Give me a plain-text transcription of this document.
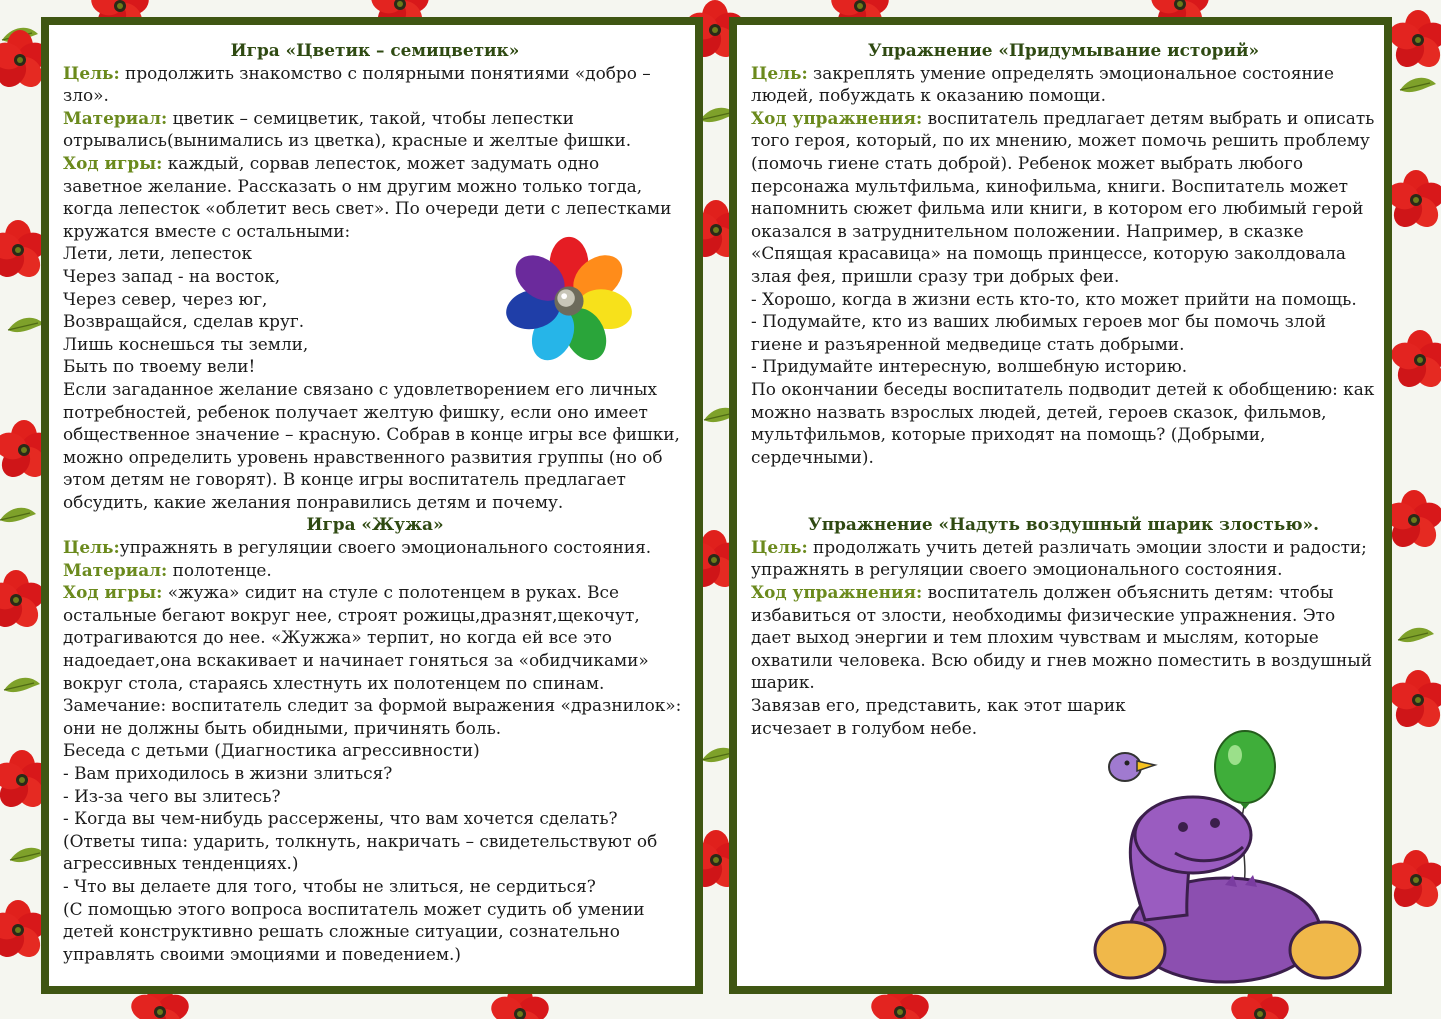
Игра «Цветик – семицветик»

Цель: продолжить знакомство с полярными понятиями «добро – зло».

Материал: цветик – семицветик, такой, чтобы лепестки отрывались(вынимались из цветка), красные и желтые фишки.

Ход игры: каждый, сорвав лепесток, может задумать одно заветное желание. Рассказать о нм другим можно только тогда, когда лепесток «облетит весь свет». По очереди дети с лепестками кружатся вместе с остальными:

Лети, лети, лепесток

Через запад - на восток,

Через север, через юг,

Возвращайся, сделав круг.

Лишь коснешься ты земли,

Быть по твоему вели!

Если загаданное желание связано с удовлетворением его личных потребностей, ребенок получает желтую фишку, если оно имеет общественное значение – красную. Собрав в конце игры все фишки, можно определить уровень нравственного развития группы (но об этом детям не говорят). В конце игры воспитатель предлагает обсудить, какие желания понравились детям и почему.

Игра «Жужа»

Цель:упражнять в регуляции своего эмоционального состояния.

Материал: полотенце.

Ход игры: «жужа» сидит на стуле с полотенцем в руках. Все остальные бегают вокруг нее, строят рожицы,дразнят,щекочут, дотрагиваются до нее. «Жужжа» терпит, но когда ей все это надоедает,она вскакивает и начинает гоняться за «обидчиками» вокруг стола, стараясь хлестнуть их полотенцем по спинам.

Замечание: воспитатель следит за формой выражения «дразнилок»: они не должны быть обидными, причинять боль.

Беседа с детьми (Диагностика агрессивности)

- Вам приходилось в жизни злиться?

- Из-за чего вы злитесь?

- Когда вы чем-нибудь рассержены, что вам хочется сделать?

(Ответы типа: ударить, толкнуть, накричать – свидетельствуют об агрессивных тенденциях.)

- Что вы делаете для того, чтобы не злиться, не сердиться?

(С помощью этого вопроса воспитатель может судить об умении детей конструктивно решать сложные ситуации, сознательно управлять своими эмоциями и поведением.)

Упражнение «Придумывание историй»

Цель: закреплять умение определять эмоциональное состояние людей, побуждать к оказанию помощи.

Ход упражнения: воспитатель предлагает детям выбрать и описать того героя, который, по их мнению, может помочь решить проблему (помочь гиене стать доброй). Ребенок может выбрать любого персонажа мультфильма, кинофильма, книги. Воспитатель может напомнить сюжет фильма или книги, в котором его любимый герой оказался в затруднительном положении. Например, в сказке «Спящая красавица» на помощь принцессе, которую заколдовала злая фея, пришли сразу три добрых феи.

- Хорошо, когда в жизни есть кто-то, кто может прийти на помощь.

- Подумайте, кто из ваших любимых героев мог бы помочь злой гиене и разъяренной медведице стать добрыми.

- Придумайте интересную, волшебную историю.

По окончании беседы воспитатель подводит детей к обобщению: как можно назвать взрослых людей, детей, героев сказок, фильмов, мультфильмов, которые приходят на помощь? (Добрыми, сердечными).

Упражнение «Надуть воздушный шарик злостью».

Цель: продолжать учить детей различать эмоции злости и радости; упражнять в регуляции своего эмоционального состояния.

Ход упражнения: воспитатель должен объяснить детям: чтобы избавиться от злости, необходимы физические упражнения. Это дает выход энергии и тем плохим чувствам и мыслям, которые охватили человека. Всю обиду и гнев можно поместить в воздушный шарик.

Завязав его, представить, как этот шарик

исчезает в голубом небе.
